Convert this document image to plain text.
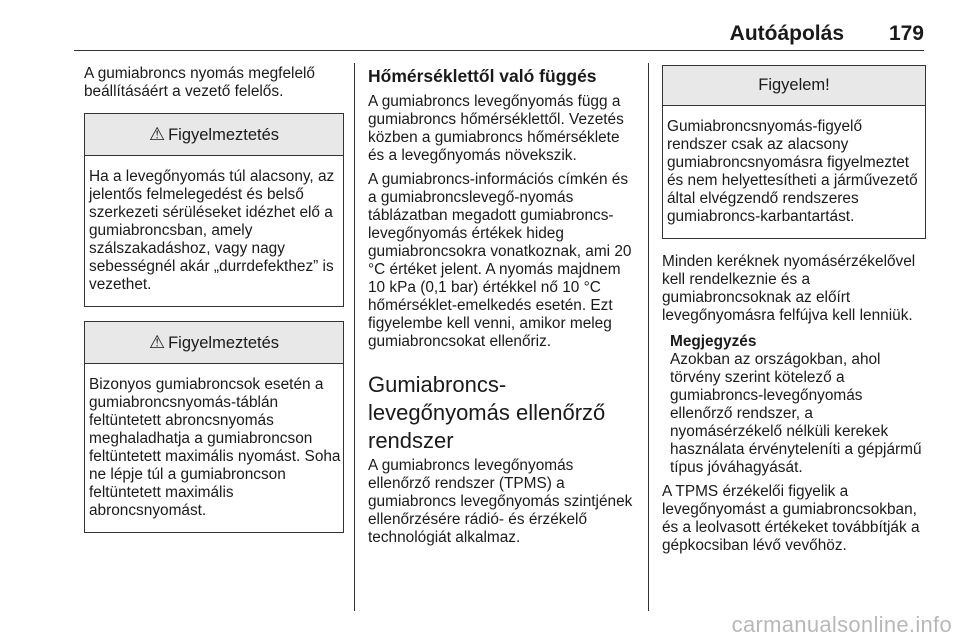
Autóápolás 179

A gumiabroncs nyomás megfelelő beállításáért a vezető felelős.

⚠ Figyelmeztetés

Ha a levegőnyomás túl alacsony, az jelentős felmelegedést és belső szerkezeti sérüléseket idézhet elő a gumiabroncsban, amely szálszakadáshoz, vagy nagy sebességnél akár „durrdefekthez” is vezethet.

⚠ Figyelmeztetés

Bizonyos gumiabroncsok esetén a gumiabroncsnyomás-táblán feltüntetett abroncsnyomás meghaladhatja a gumiabroncson feltüntetett maximális nyomást. Soha ne lépje túl a gumiabroncson feltüntetett maximális abroncsnyomást.

Hőmérséklettől való függés

A gumiabroncs levegőnyomás függ a gumiabroncs hőmérséklettől. Vezetés közben a gumiabroncs hőmérséklete és a levegőnyomás növekszik.

A gumiabroncs-információs címkén és a gumiabroncslevegő-nyomás táblázatban megadott gumiabroncs-levegőnyomás értékek hideg gumiabroncsokra vonatkoznak, ami 20 °C értéket jelent. A nyomás majdnem 10 kPa (0,1 bar) értékkel nő 10 °C hőmérséklet-emelkedés esetén. Ezt figyelembe kell venni, amikor meleg gumiabroncsokat ellenőriz.

Gumiabroncs-levegőnyomás ellenőrző rendszer

A gumiabroncs levegőnyomás ellenőrző rendszer (TPMS) a gumiabroncs levegőnyomás szintjének ellenőrzésére rádió- és érzékelő technológiát alkalmaz.

Figyelem!

Gumiabroncsnyomás-figyelő rendszer csak az alacsony gumiabroncsnyomásra figyelmeztet és nem helyettesítheti a járművezető által elvégzendő rendszeres gumiabroncs-karbantartást.

Minden keréknek nyomásérzékelővel kell rendelkeznie és a gumiabroncsoknak az előírt levegőnyomásra felfújva kell lenniük.

Megjegyzés

Azokban az országokban, ahol törvény szerint kötelező a gumiabroncs-levegőnyomás ellenőrző rendszer, a nyomásérzékelő nélküli kerekek használata érvényteleníti a gépjármű típus jóváhagyását.

A TPMS érzékelői figyelik a levegőnyomást a gumiabroncsokban, és a leolvasott értékeket továbbítják a gépkocsiban lévő vevőhöz.

carmanualsonline.info
